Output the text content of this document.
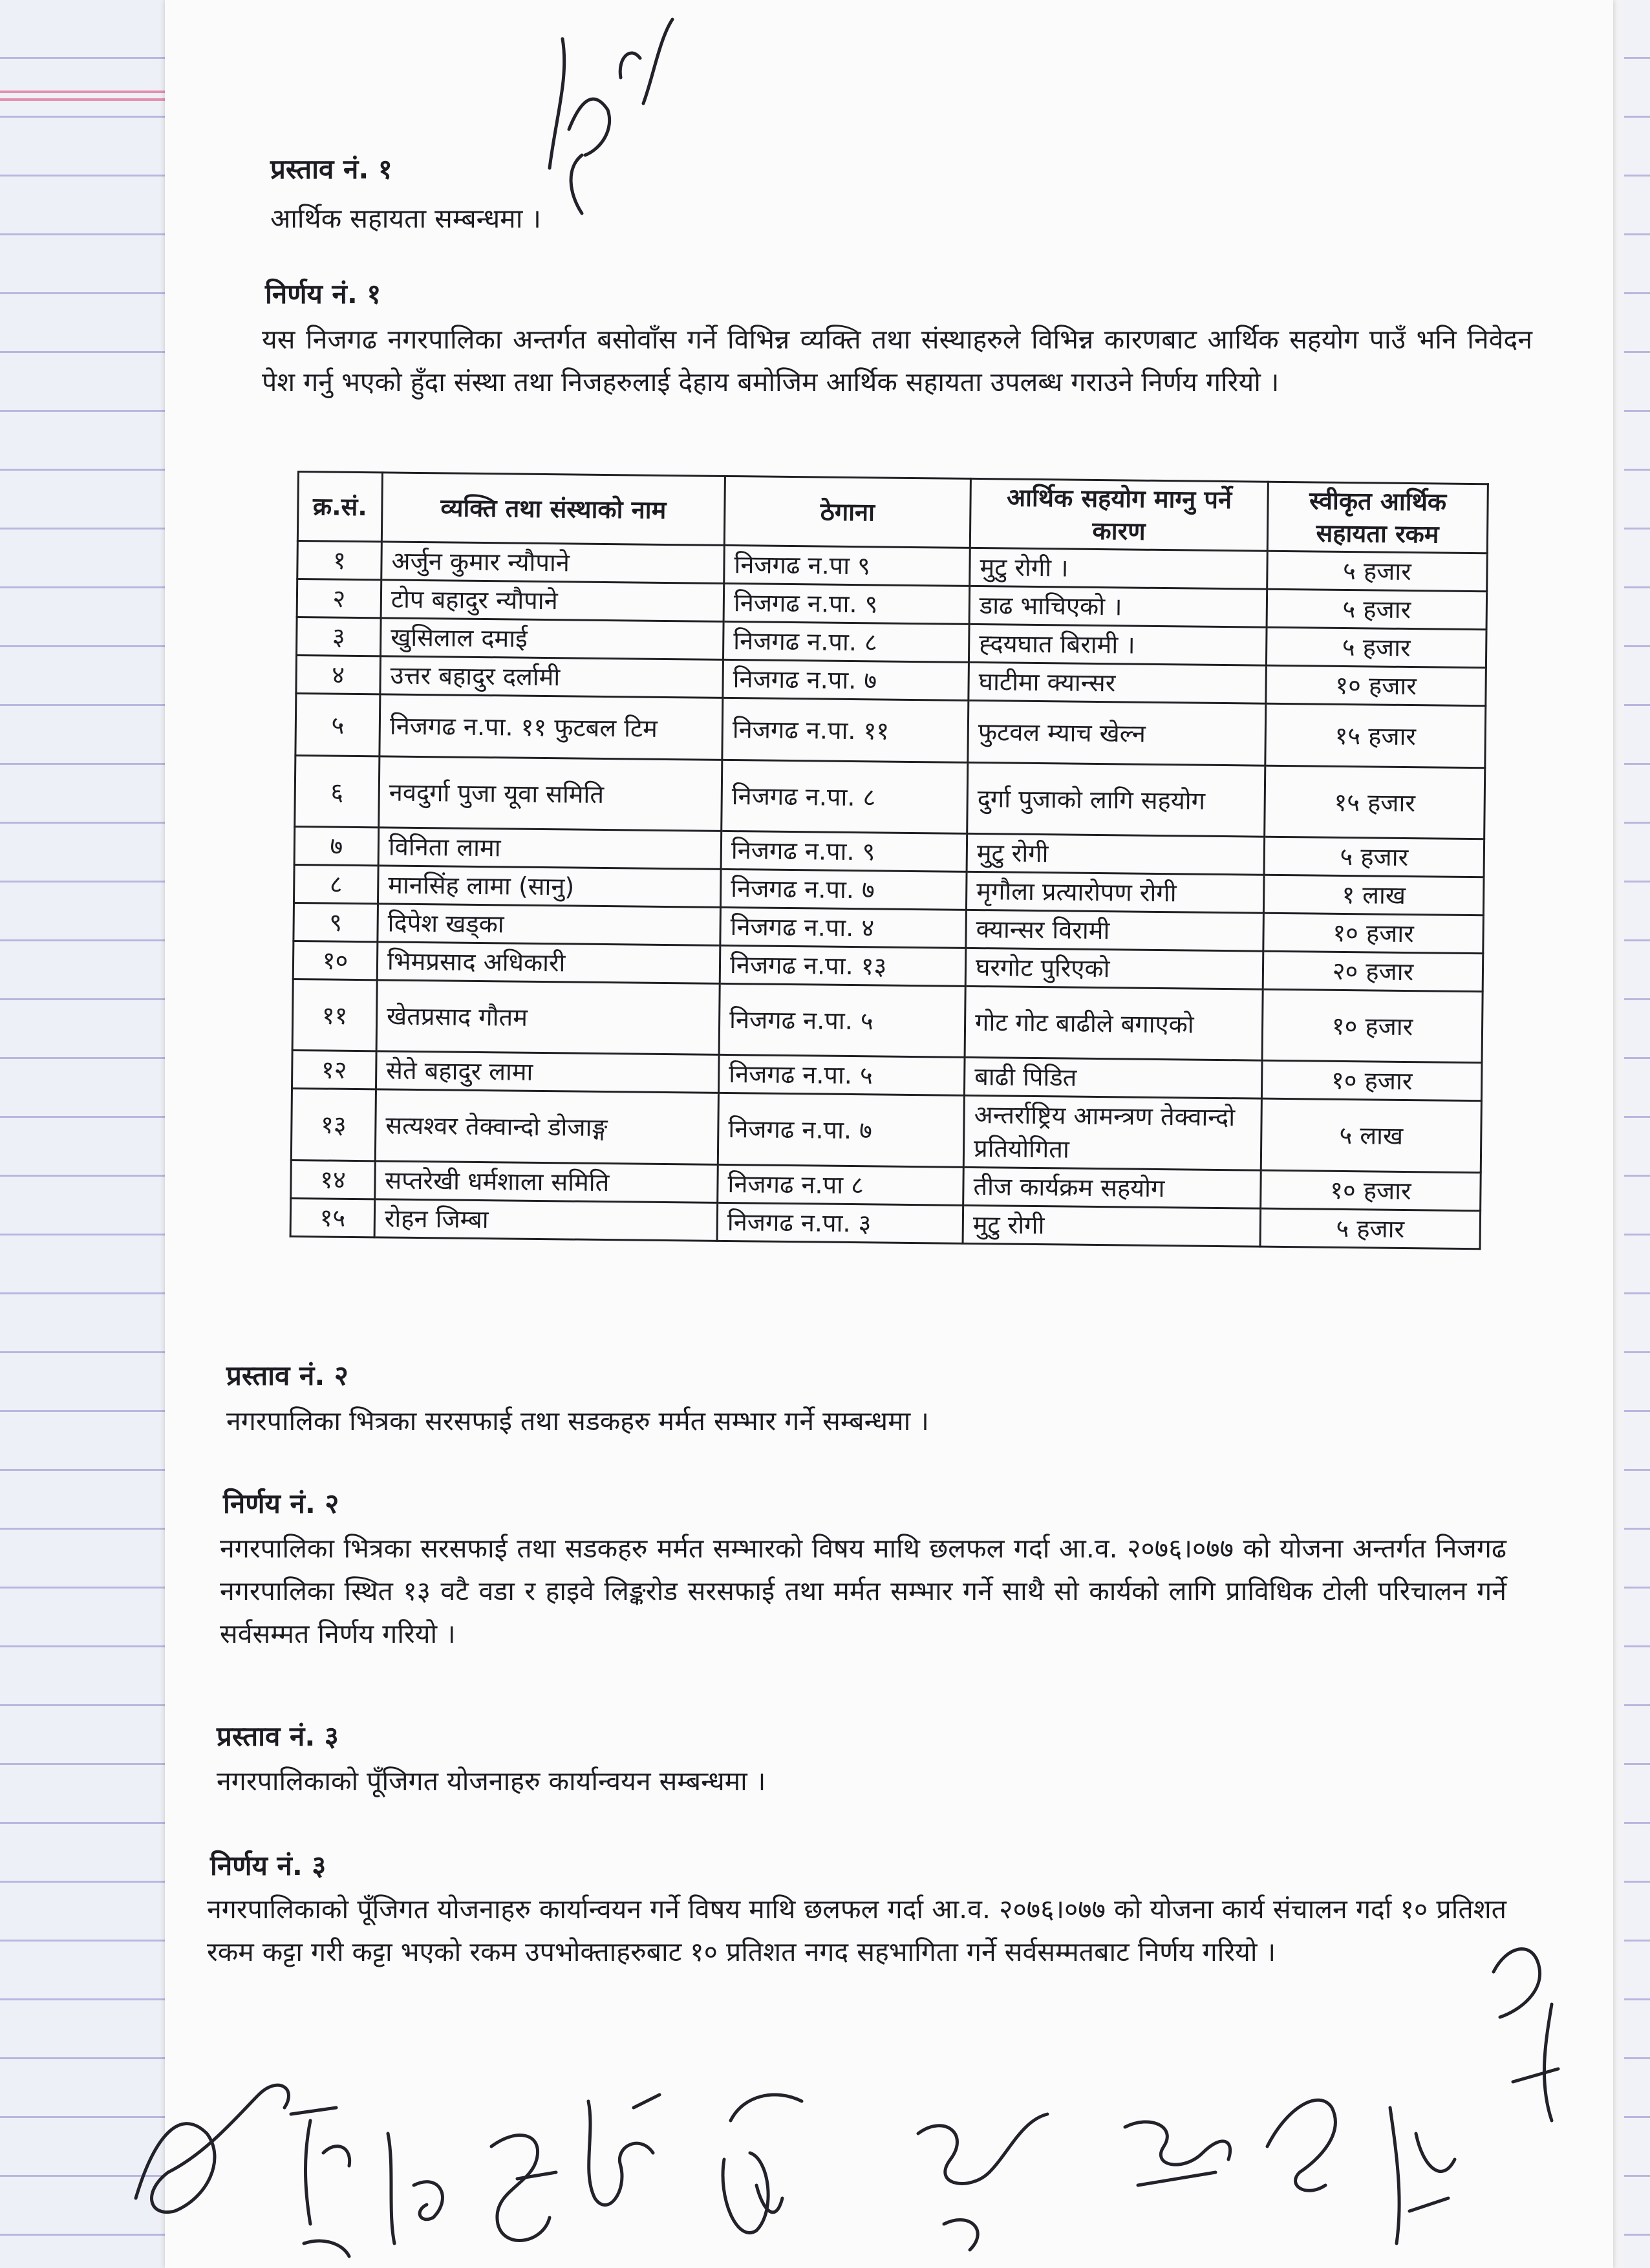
प्रस्ताव नं. १
आर्थिक सहायता सम्बन्धमा ।
निर्णय नं. १
यस निजगढ नगरपालिका अन्तर्गत बसोवाँस गर्ने विभिन्न व्यक्ति तथा संस्थाहरुले विभिन्न कारणबाट आर्थिक सहयोग पाउँ भनि निवेदन पेश गर्नु भएको हुँदा संस्था तथा निजहरुलाई देहाय बमोजिम आर्थिक सहायता उपलब्ध गराउने निर्णय गरियो ।
क्र.सं.	व्यक्ति तथा संस्थाको नाम	ठेगाना	आर्थिक सहयोग माग्नु पर्ने कारण	स्वीकृत आर्थिक सहायता रकम
१	अर्जुन कुमार न्यौपाने	निजगढ न.पा ९	मुटु रोगी ।	५ हजार
२	टोप बहादुर न्यौपाने	निजगढ न.पा. ९	डाढ भाचिएको ।	५ हजार
३	खुसिलाल दमाई	निजगढ न.पा. ८	ह्दयघात बिरामी ।	५ हजार
४	उत्तर बहादुर दर्लामी	निजगढ न.पा. ७	घाटीमा क्यान्सर	१० हजार
५	निजगढ न.पा. ११ फुटबल टिम	निजगढ न.पा. ११	फुटवल म्याच खेल्न	१५ हजार
६	नवदुर्गा पुजा यूवा समिति	निजगढ न.पा. ८	दुर्गा पुजाको लागि सहयोग	१५ हजार
७	विनिता लामा	निजगढ न.पा. ९	मुटु रोगी	५ हजार
८	मानसिंह लामा (सानु)	निजगढ न.पा. ७	मृगौला प्रत्यारोपण रोगी	१ लाख
९	दिपेश खड्का	निजगढ न.पा. ४	क्यान्सर विरामी	१० हजार
१०	भिमप्रसाद अधिकारी	निजगढ न.पा. १३	घरगोट पुरिएको	२० हजार
११	खेतप्रसाद गौतम	निजगढ न.पा. ५	गोट गोट बाढीले बगाएको	१० हजार
१२	सेते बहादुर लामा	निजगढ न.पा. ५	बाढी पिडित	१० हजार
१३	सत्यश्वर तेक्वान्दो डोजाङ्ग	निजगढ न.पा. ७	अन्तर्राष्ट्रिय आमन्त्रण तेक्वान्दो प्रतियोगिता	५ लाख
१४	सप्तरेखी धर्मशाला समिति	निजगढ न.पा ८	तीज कार्यक्रम सहयोग	१० हजार
१५	रोहन जिम्बा	निजगढ न.पा. ३	मुटु रोगी	५ हजार
प्रस्ताव नं. २
नगरपालिका भित्रका सरसफाई तथा सडकहरु मर्मत सम्भार गर्ने सम्बन्धमा ।
निर्णय नं. २
नगरपालिका भित्रका सरसफाई तथा सडकहरु मर्मत सम्भारको विषय माथि छलफल गर्दा आ.व. २०७६।०७७ को योजना अन्तर्गत निजगढ नगरपालिका स्थित १३ वटै वडा र हाइवे लिङ्करोड सरसफाई तथा मर्मत सम्भार गर्ने साथै सो कार्यको लागि प्राविधिक टोली परिचालन गर्ने सर्वसम्मत निर्णय गरियो ।
प्रस्ताव नं. ३
नगरपालिकाको पूँजिगत योजनाहरु कार्यान्वयन सम्बन्धमा ।
निर्णय नं. ३
नगरपालिकाको पूँजिगत योजनाहरु कार्यान्वयन गर्ने विषय माथि छलफल गर्दा आ.व. २०७६।०७७ को योजना कार्य संचालन गर्दा १० प्रतिशत रकम कट्टा गरी कट्टा भएको रकम उपभोक्ताहरुबाट १० प्रतिशत नगद सहभागिता गर्ने सर्वसम्मतबाट निर्णय गरियो ।
